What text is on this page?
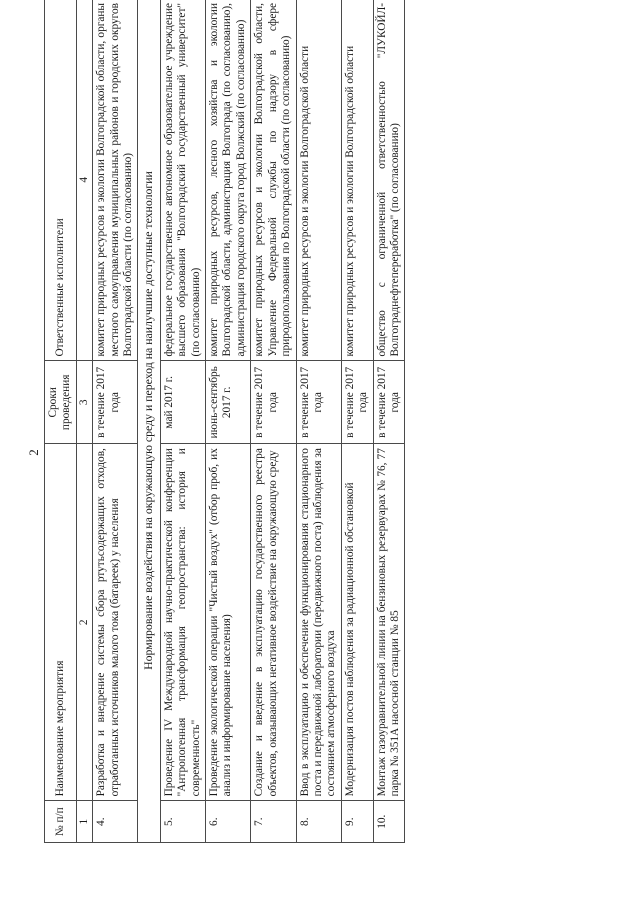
2
№ п/п	Наименование мероприятия	Сроки проведения	Ответственные исполнители
1	2	3	4
4.	Разработка и внедрение системы сбора ртутьсодержащих отходов, отработанных источников малого тока (батареек) у населения	в течение 2017 года	комитет природных ресурсов и экологии Волгоградской области, органы местного самоуправления муниципальных районов и городских округов Волгоградской области (по согласованию)
Нормирование воздействия на окружающую среду и переход на наилучшие доступные технологии			
5.	Проведение IV Международной научно-практической конференции "Антропогенная трансформация геопространства: история и современность"	май 2017 г.	федеральное государственное автономное образовательное учреждение высшего образования "Волгоградский государственный университет" (по согласованию)
6.	Проведение экологической операции "Чистый воздух" (отбор проб, их анализ и информирование населения)	июнь-сентябрь 2017 г.	комитет природных ресурсов, лесного хозяйства и экологии Волгоградской области, администрация Волгограда (по согласованию), администрация городского округа город Волжский (по согласованию)
7.	Создание и введение в эксплуатацию государственного реестра объектов, оказывающих негативное воздействие на окружающую среду	в течение 2017 года	комитет природных ресурсов и экологии Волгоградской области, Управление Федеральной службы по надзору в сфере природопользования по Волгоградской области (по согласованию)
8.	Ввод в эксплуатацию и обеспечение функционирования стационарного поста и передвижной лаборатории (передвижного поста) наблюдения за состоянием атмосферного воздуха	в течение 2017 года	комитет природных ресурсов и экологии Волгоградской области
9.	Модернизация постов наблюдения за радиационной обстановкой	в течение 2017 года	комитет природных ресурсов и экологии Волгоградской области
10.	Монтаж газоуравнительной линии на бензиновых резервуарах № 76, 77 парка № 351А насосной станции № 85	в течение 2017 года	общество с ограниченной ответственностью "ЛУКОЙЛ-Волгограднефтепереработка" (по согласованию)
